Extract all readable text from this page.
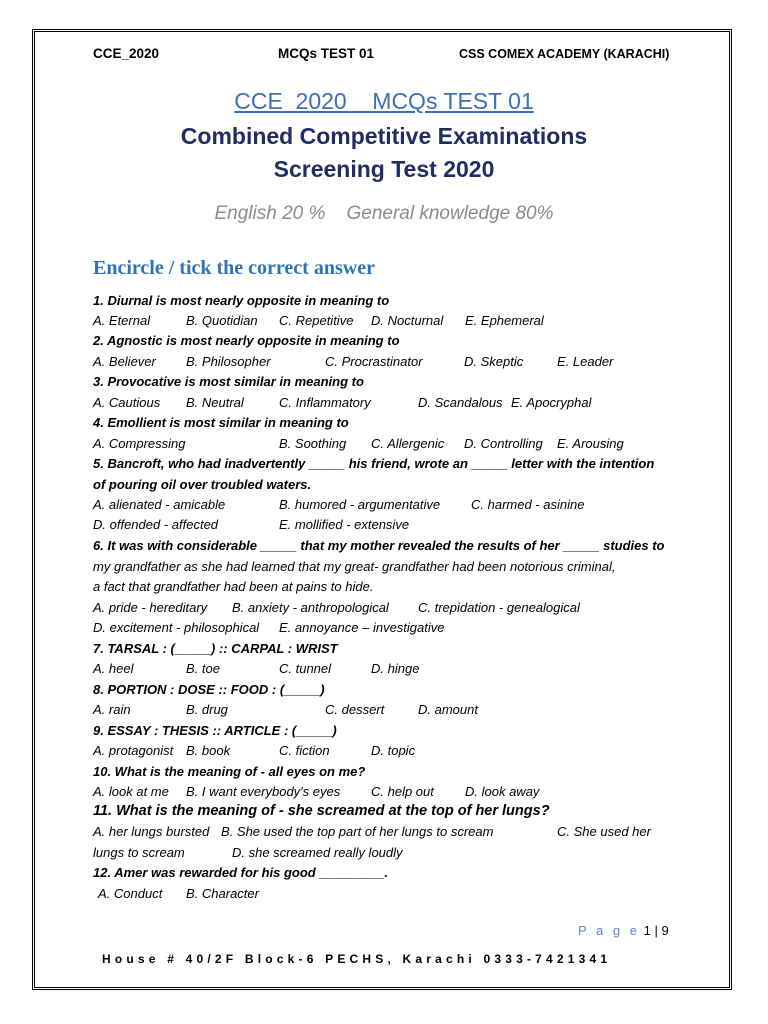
CCE_2020	MCQs TEST 01	CSS COMEX ACADEMY (KARACHI)
CCE  2020    MCQs TEST 01
Combined Competitive Examinations
Screening Test 2020
English 20 %    General knowledge 80%
Encircle / tick the correct answer
1. Diurnal is most nearly opposite in meaning to
A. Eternal	B. Quotidian C. Repetitive D. Nocturnal E. Ephemeral
2. Agnostic is most nearly opposite in meaning to
A. Believer B. Philosopher	C. Procrastinator	D. Skeptic	E. Leader
3. Provocative is most similar in meaning to
A. Cautious B. Neutral	C. Inflammatory	D. Scandalous E. Apocryphal
4. Emollient is most similar in meaning to
A. Compressing	B. Soothing C. Allergenic D. Controlling E. Arousing
5. Bancroft, who had inadvertently _____ his friend, wrote an _____ letter with the intention
of pouring oil over troubled waters.
A. alienated - amicable	B. humored - argumentative C. harmed - asinine
D. offended - affected	E. mollified - extensive
6. It was with considerable _____ that my mother revealed the results of her _____ studies to
my grandfather as she had learned that my great- grandfather had been notorious criminal,
a fact that grandfather had been at pains to hide.
A. pride - hereditary B. anxiety - anthropological C. trepidation - genealogical
D. excitement - philosophical E. annoyance – investigative
7. TARSAL : (_____) :: CARPAL : WRIST
A. heel	B. toe	C. tunnel	D. hinge
8. PORTION : DOSE :: FOOD : (_____)
A. rain	B. drug	C. dessert	D. amount
9. ESSAY : THESIS :: ARTICLE : (_____)
A. protagonist B. book	C. fiction	D. topic
10. What is the meaning of - all eyes on me?
A. look at me B. I want everybody's eyes C. help out D. look away
11. What is the meaning of - she screamed at the top of her lungs?
A. her lungs bursted B. She used the top part of her lungs to scream	C. She used her
lungs to scream	D. she screamed really loudly
12. Amer was rewarded for his good _________.
A. Conduct B. Character
P a g e 1 | 9
House # 40/2F Block-6 PECHS, Karachi 0333-7421341
